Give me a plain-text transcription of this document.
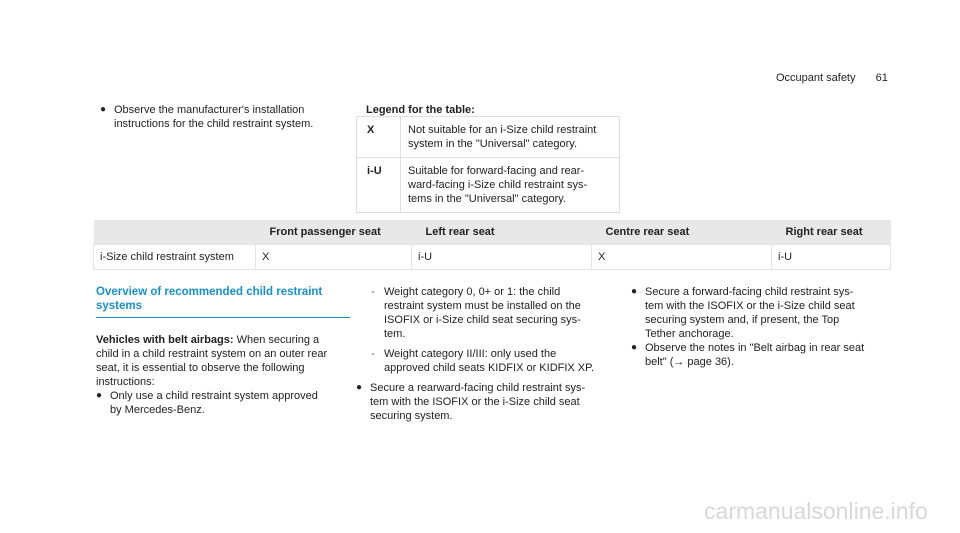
Occupant safety 61
● Observe the manufacturer's installation
instructions for the child restraint system.
Legend for the table:
X	Not suitable for an i-Size child restraint
system in the "Universal" category.

i-U	Suitable for forward-facing and rear-
ward-facing i-Size child restraint sys-
tems in the "Universal" category.
	Front passenger seat	Left rear seat	Centre rear seat	Right rear seat
i-Size child restraint system	X	i-U	X	i-U
Overview of recommended child restraint
systems
Vehicles with belt airbags: When securing a
child in a child restraint system on an outer rear
seat, it is essential to observe the following
instructions:
● Only use a child restraint system approved
by Mercedes-Benz.
- Weight category 0, 0+ or 1: the child
restraint system must be installed on the
ISOFIX or i-Size child seat securing sys-
tem.
- Weight category II/III: only used the
approved child seats KIDFIX or KIDFIX XP.
● Secure a rearward-facing child restraint sys-
tem with the ISOFIX or the i-Size child seat
securing system.
● Secure a forward-facing child restraint sys-
tem with the ISOFIX or the i-Size child seat
securing system and, if present, the Top
Tether anchorage.
● Observe the notes in "Belt airbag in rear seat
belt" (→ page 36).
carmanualsonline.info
